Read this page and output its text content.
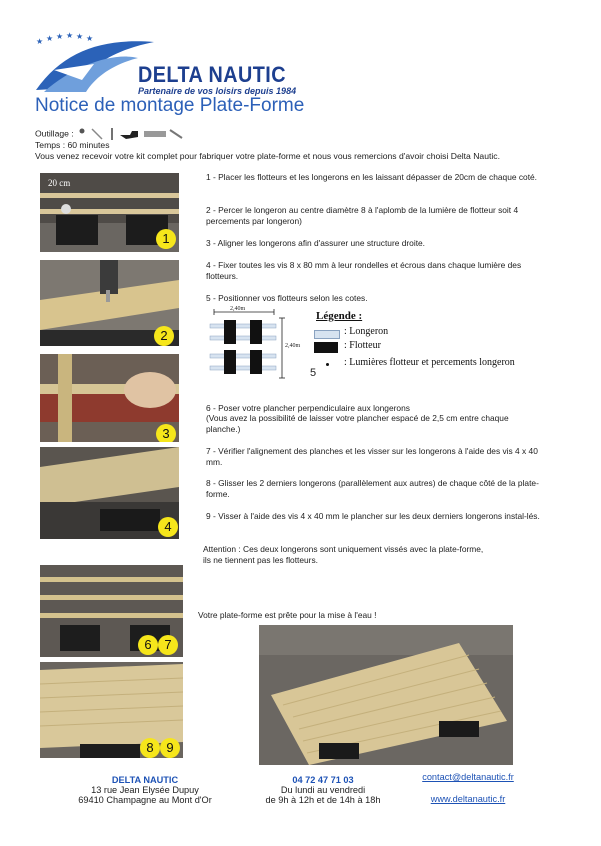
★ ★ ★ ★ ★ ★
DELTA NAUTIC
Partenaire de vos loisirs depuis 1984
Notice de montage Plate-Forme
Outillage :
Temps : 60 minutes
Vous venez recevoir votre kit complet pour fabriquer votre plate-forme et nous vous remercions d'avoir choisi Delta Nautic.
20 cm
1
2
3
4
6 7
8 9
1 - Placer les flotteurs et les longerons en les laissant dépasser de 20cm de chaque coté.
2 - Percer le longeron au centre diamètre 8 à l'aplomb de la lumière de flotteur soit 4 percements par longeron)
3 - Aligner les longerons afin d'assurer une structure droite.
4 - Fixer toutes les vis 8 x 80 mm à leur rondelles et écrous dans chaque lumière des flotteurs.
5 - Positionner vos flotteurs selon les cotes.
2,40m
2,40m
5
Légende :
: Longeron
: Flotteur
: Lumières flotteur et percements longeron
6 - Poser votre plancher perpendiculaire aux longerons
(Vous avez la possibilité de laisser votre plancher espacé de 2,5 cm entre chaque planche.)
7 - Vérifier l'alignement des planches et les visser sur les longerons à l'aide des vis 4 x 40 mm.
8 - Glisser les 2 derniers longerons (parallèlement aux autres) de chaque côté de la plate-forme.
9 - Visser à l'aide des vis 4 x 40 mm le plancher sur les deux derniers longerons instal-lés.
Attention : Ces deux longerons sont uniquement vissés avec la plate-forme,
ils ne tiennent pas les flotteurs.
Votre plate-forme est prête pour la mise à l'eau !
DELTA NAUTIC
13 rue Jean Elysée Dupuy
69410 Champagne au Mont d'Or
04 72 47 71 03
Du lundi au vendredi
de 9h à 12h et de 14h à 18h
contact@deltanautic.fr
www.deltanautic.fr
